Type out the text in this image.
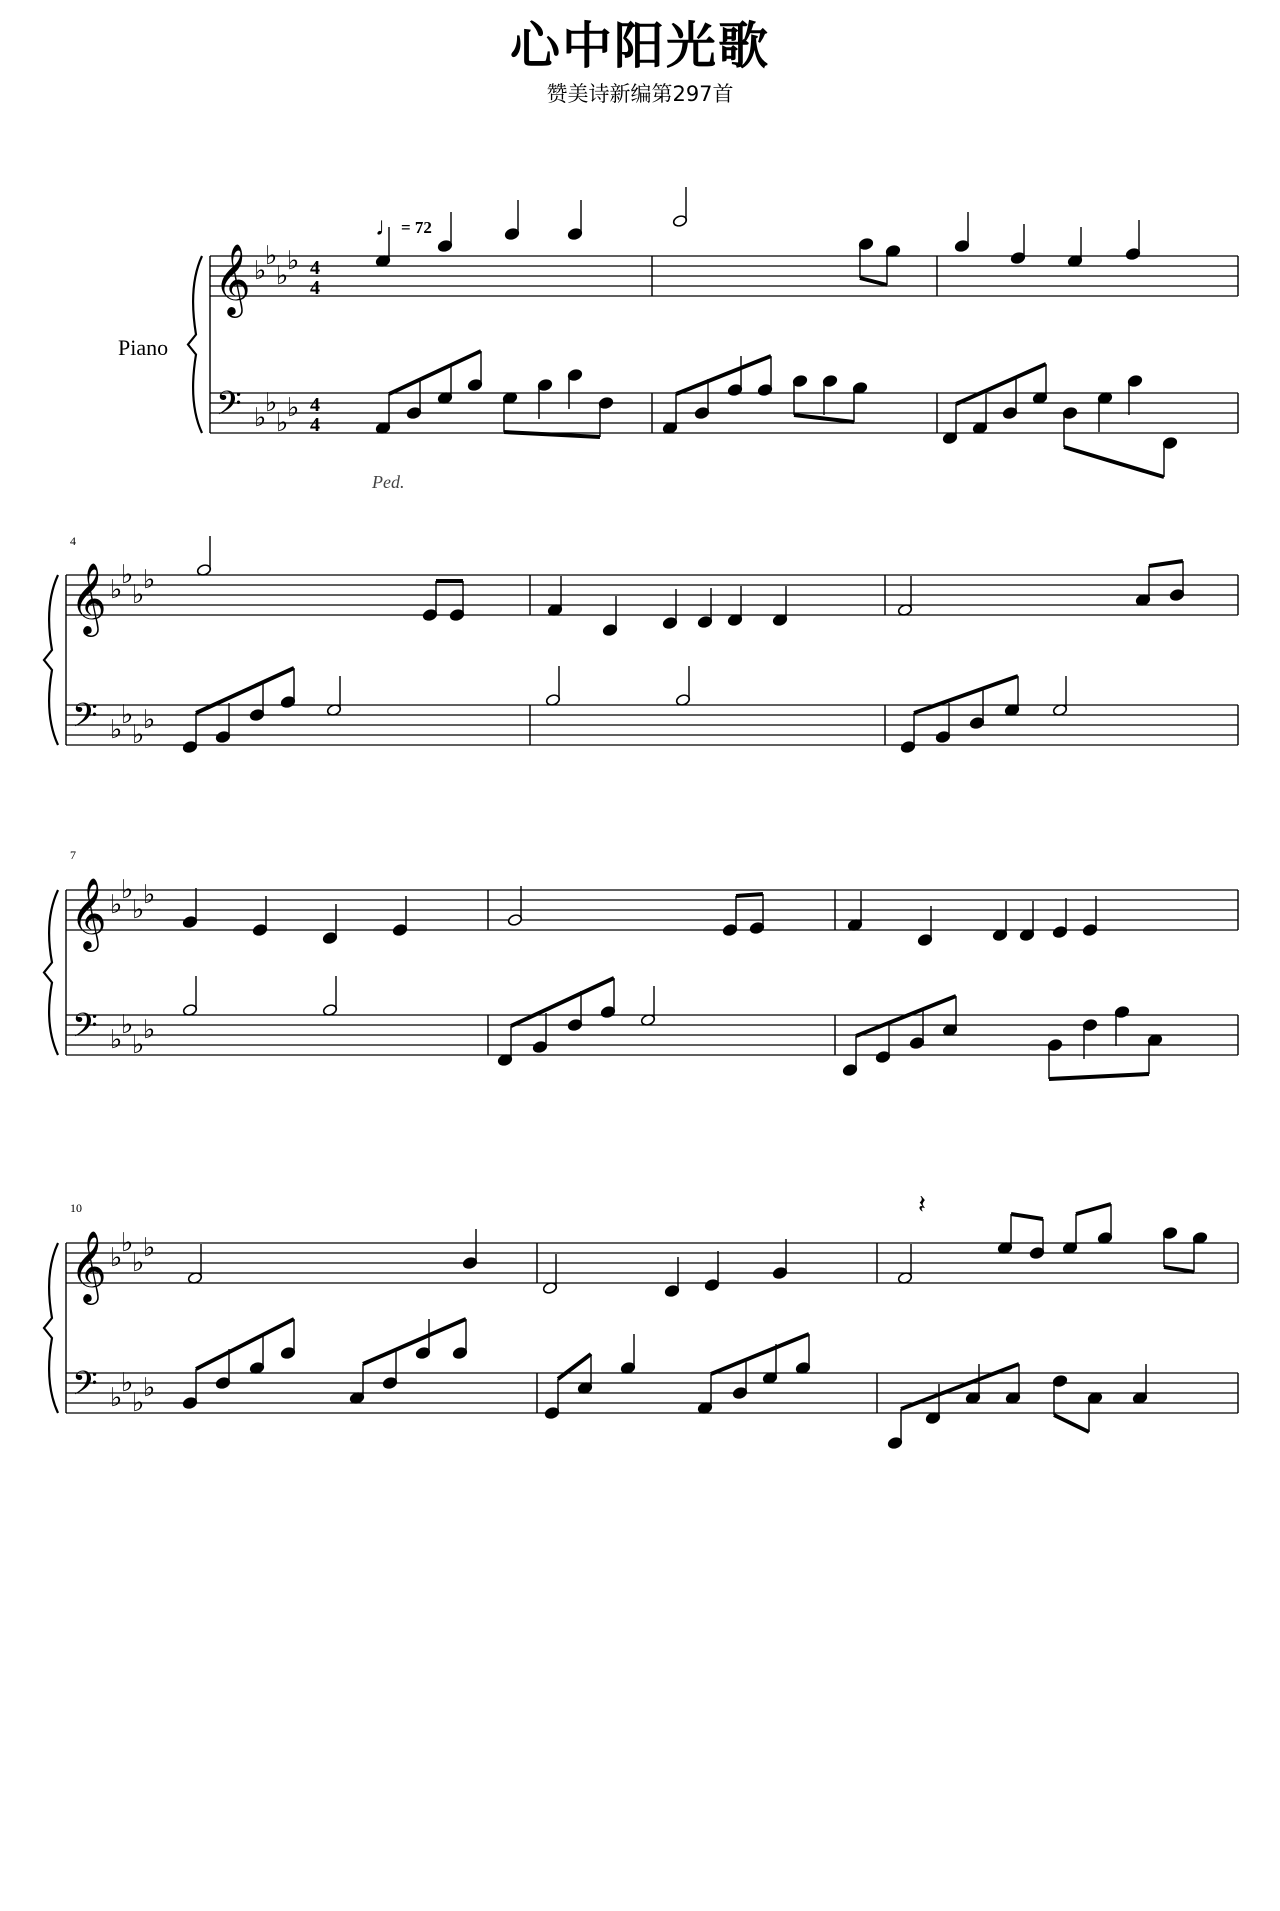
心中阳光歌
赞美诗新编第297首
Piano
♩= 72
Ped.
4
7
10
𝄞
𝄢
♭
♭
♭
♭
♭
♭
♭
♭
4
4
4
4
𝄞
𝄢
♭
♭
♭
♭
♭
♭
♭
♭
𝄞
𝄢
♭
♭
♭
♭
♭
♭
♭
♭
𝄞
𝄢
♭
♭
♭
♭
♭
♭
♭
♭
𝄽
